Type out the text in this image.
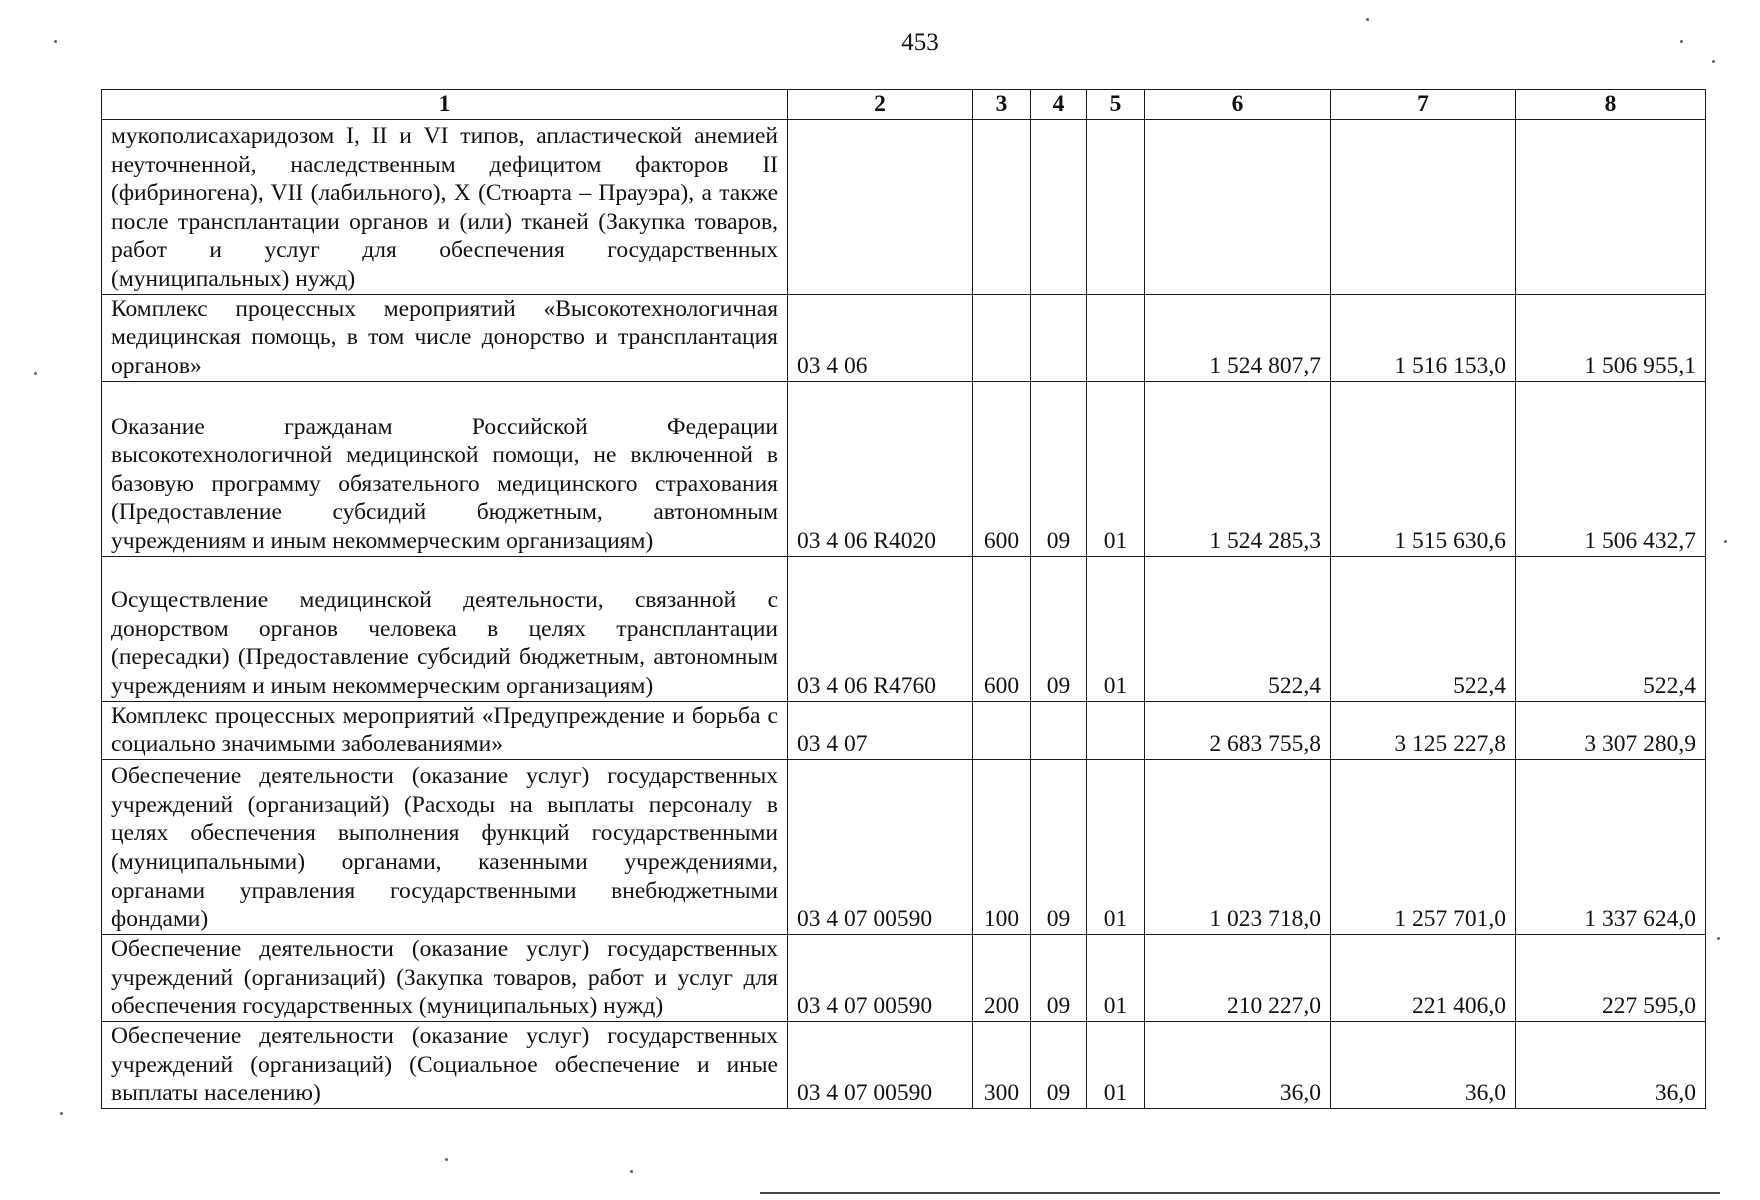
453
1	2	3	4	5	6	7	8
мукополисахаридозом I, II и VI типов, апластической анемией неуточненной, наследственным дефицитом факторов II (фибриногена), VII (лабильного), X (Стюарта – Прауэра), а также после трансплантации органов и (или) тканей (Закупка товаров, работ и услуг для обеспечения государственных (муниципальных) нужд)							
Комплекс процессных мероприятий «Высокотехнологичная медицинская помощь, в том числе донорство и трансплантация органов»	03 4 06				1 524 807,7	1 516 153,0	1 506 955,1
Оказание гражданам Российской Федерации высокотехнологичной медицинской помощи, не включенной в базовую программу обязательного медицинского страхования (Предоставление субсидий бюджетным, автономным учреждениям и иным некоммерческим организациям)	03 4 06 R4020	600	09	01	1 524 285,3	1 515 630,6	1 506 432,7
Осуществление медицинской деятельности, связанной с донорством органов человека в целях трансплантации (пересадки) (Предоставление субсидий бюджетным, автономным учреждениям и иным некоммерческим организациям)	03 4 06 R4760	600	09	01	522,4	522,4	522,4
Комплекс процессных мероприятий «Предупреждение и борьба с социально значимыми заболеваниями»	03 4 07				2 683 755,8	3 125 227,8	3 307 280,9
Обеспечение деятельности (оказание услуг) государственных учреждений (организаций) (Расходы на выплаты персоналу в целях обеспечения выполнения функций государственными (муниципальными) органами, казенными учреждениями, органами управления государственными внебюджетными фондами)	03 4 07 00590	100	09	01	1 023 718,0	1 257 701,0	1 337 624,0
Обеспечение деятельности (оказание услуг) государственных учреждений (организаций) (Закупка товаров, работ и услуг для обеспечения государственных (муниципальных) нужд)	03 4 07 00590	200	09	01	210 227,0	221 406,0	227 595,0
Обеспечение деятельности (оказание услуг) государственных учреждений (организаций) (Социальное обеспечение и иные выплаты населению)	03 4 07 00590	300	09	01	36,0	36,0	36,0
